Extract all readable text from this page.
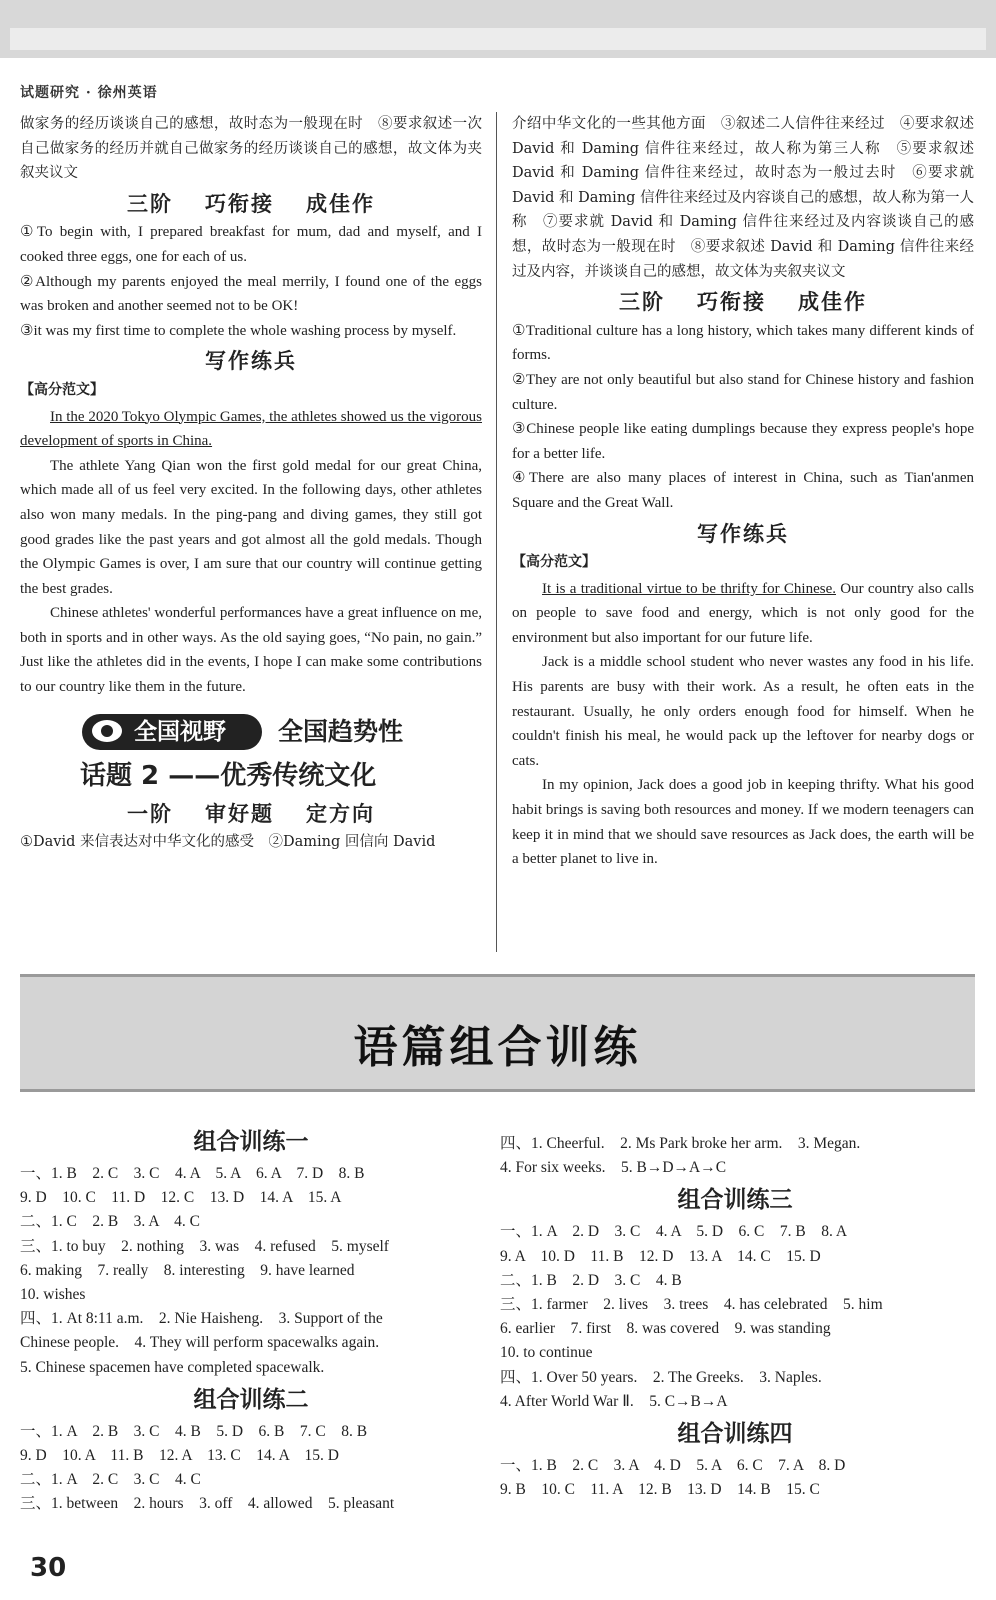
试题研究 · 徐州英语

做家务的经历谈谈自己的感想，故时态为一般现在时　⑧要求叙述一次自己做家务的经历并就自己做家务的经历谈谈自己的感想，故文体为夹叙夹议文

三阶 巧衔接 成佳作

①To begin with, I prepared breakfast for mum, dad and myself, and I cooked three eggs, one for each of us.

②Although my parents enjoyed the meal merrily, I found one of the eggs was broken and another seemed not to be OK!

③it was my first time to complete the whole washing process by myself.

写作练兵
【高分范文】

In the 2020 Tokyo Olympic Games, the athletes showed us the vigorous development of sports in China.

The athlete Yang Qian won the first gold medal for our great China, which made all of us feel very excited. In the following days, other athletes also won many medals. In the ping-pang and diving games, they still got good grades like the past years and got almost all the gold medals. Though the Olympic Games is over, I am sure that our country will continue getting the best grades.

Chinese athletes' wonderful performances have a great influence on me, both in sports and in other ways. As the old saying goes, “No pain, no gain.” Just like the athletes did in the events, I hope I can make some contributions to our country like them in the future.

全国视野 全国趋势性
话题 2 ——优秀传统文化
一阶 审好题 定方向

①David 来信表达对中华文化的感受　②Daming 回信向 David

介绍中华文化的一些其他方面　③叙述二人信件往来经过　④要求叙述 David 和 Daming 信件往来经过，故人称为第三人称　⑤要求叙述 David 和 Daming 信件往来经过，故时态为一般过去时　⑥要求就 David 和 Daming 信件往来经过及内容谈自己的感想，故人称为第一人称　⑦要求就 David 和 Daming 信件往来经过及内容谈谈自己的感想，故时态为一般现在时　⑧要求叙述 David 和 Daming 信件往来经过及内容，并谈谈自己的感想，故文体为夹叙夹议文

三阶 巧衔接 成佳作

①Traditional culture has a long history, which takes many different kinds of forms.

②They are not only beautiful but also stand for Chinese history and fashion culture.

③Chinese people like eating dumplings because they express people's hope for a better life.

④There are also many places of interest in China, such as Tian'anmen Square and the Great Wall.

写作练兵
【高分范文】

It is a traditional virtue to be thrifty for Chinese. Our country also calls on people to save food and energy, which is not only good for the environment but also important for our future life.

Jack is a middle school student who never wastes any food in his life. His parents are busy with their work. As a result, he often eats in the restaurant. Usually, he only orders enough food for himself. When he couldn't finish his meal, he would pack up the leftover for nearby dogs or cats.

In my opinion, Jack does a good job in keeping thrifty. What his good habit brings is saving both resources and money. If we modern teenagers can keep it in mind that we should save resources as Jack does, the earth will be a better planet to live in.

语篇组合训练
组合训练一
一、1. B　2. C　3. C　4. A　5. A　6. A　7. D　8. B
9. D　10. C　11. D　12. C　13. D　14. A　15. A
二、1. C　2. B　3. A　4. C
三、1. to buy　2. nothing　3. was　4. refused　5. myself
6. making　7. really　8. interesting　9. have learned
10. wishes
四、1. At 8:11 a.m.　2. Nie Haisheng.　3. Support of the
Chinese people.　4. They will perform spacewalks again.
5. Chinese spacemen have completed spacewalk.
组合训练二
一、1. A　2. B　3. C　4. B　5. D　6. B　7. C　8. B
9. D　10. A　11. B　12. A　13. C　14. A　15. D
二、1. A　2. C　3. C　4. C
三、1. between　2. hours　3. off　4. allowed　5. pleasant
四、1. Cheerful.　2. Ms Park broke her arm.　3. Megan.
4. For six weeks.　5. B→D→A→C
组合训练三
一、1. A　2. D　3. C　4. A　5. D　6. C　7. B　8. A
9. A　10. D　11. B　12. D　13. A　14. C　15. D
二、1. B　2. D　3. C　4. B
三、1. farmer　2. lives　3. trees　4. has celebrated　5. him
6. earlier　7. first　8. was covered　9. was standing
10. to continue
四、1. Over 50 years.　2. The Greeks.　3. Naples.
4. After World War Ⅱ.　5. C→B→A
组合训练四
一、1. B　2. C　3. A　4. D　5. A　6. C　7. A　8. D
9. B　10. C　11. A　12. B　13. D　14. B　15. C
30
